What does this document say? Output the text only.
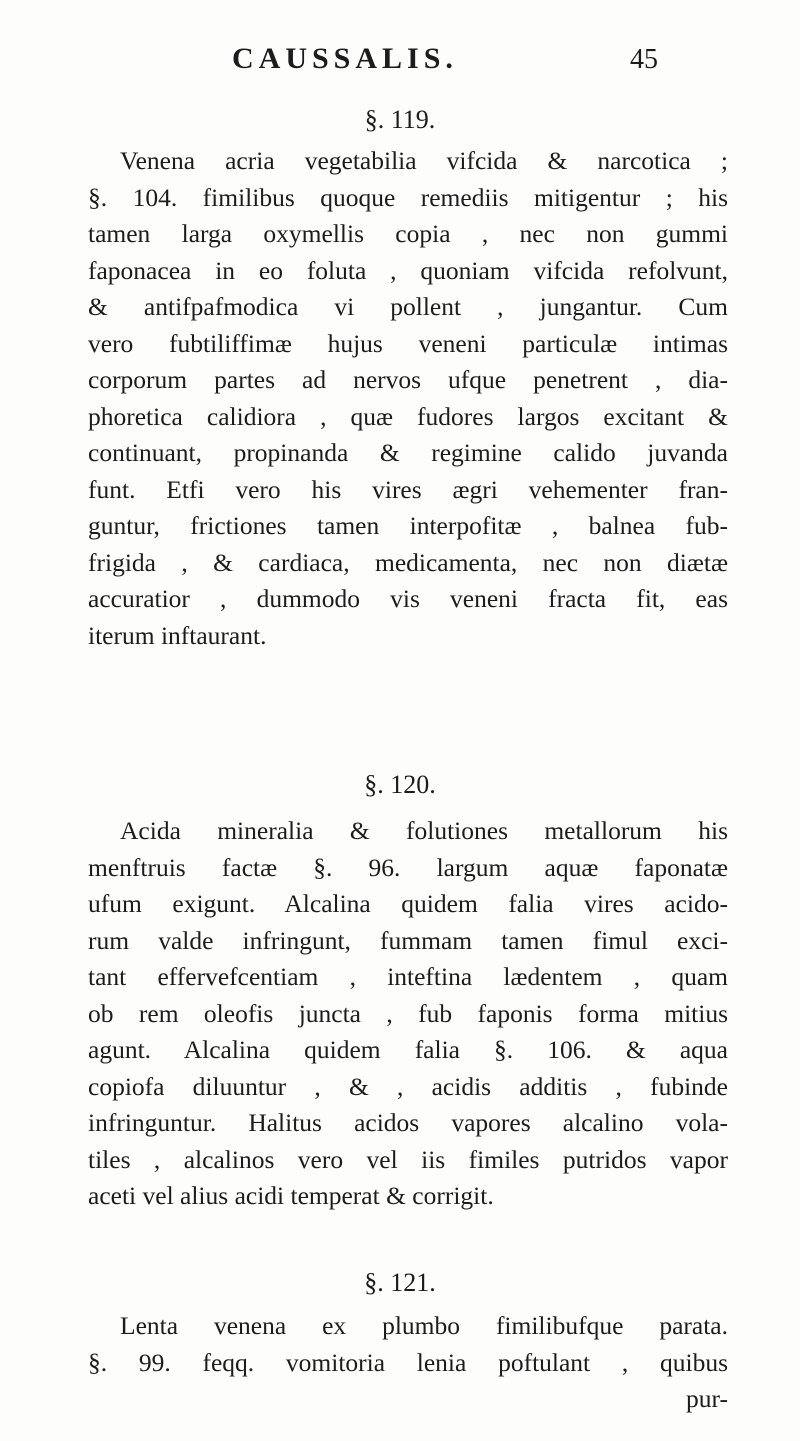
CAUSSALIS.	45
§. 119.
Venena acria vegetabilia vifcida & narcotica ;
§. 104. fimilibus quoque remediis mitigentur ; his
tamen larga oxymellis copia , nec non gummi
faponacea in eo foluta , quoniam vifcida refolvunt,
& antifpafmodica vi pollent , jungantur. Cum
vero fubtiliffimæ hujus veneni particulæ intimas
corporum partes ad nervos ufque penetrent , dia-
phoretica calidiora , quæ fudores largos excitant &
continuant, propinanda & regimine calido juvanda
funt. Etfi vero his vires ægri vehementer fran-
guntur, frictiones tamen interpofitæ , balnea fub-
frigida , & cardiaca, medicamenta, nec non diætæ
accuratior , dummodo vis veneni fracta fit, eas
iterum inftaurant.
§. 120.
Acida mineralia & folutiones metallorum his
menftruis factæ §. 96. largum aquæ faponatæ
ufum exigunt. Alcalina quidem falia vires acido-
rum valde infringunt, fummam tamen fimul exci-
tant effervefcentiam , inteftina lædentem , quam
ob rem oleofis juncta , fub faponis forma mitius
agunt. Alcalina quidem falia §. 106. & aqua
copiofa diluuntur , & , acidis additis , fubinde
infringuntur. Halitus acidos vapores alcalino vola-
tiles , alcalinos vero vel iis fimiles putridos vapor
aceti vel alius acidi temperat & corrigit.
§. 121.
Lenta venena ex plumbo fimilibufque parata.
§. 99. feqq. vomitoria lenia poftulant , quibus
pur-
